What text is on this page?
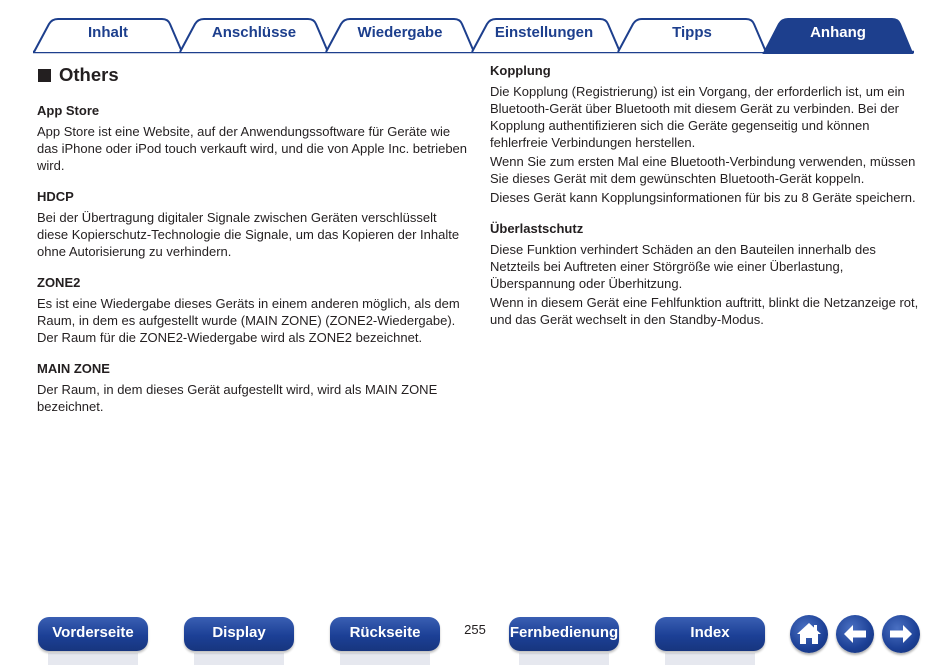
Inhalt	Anschlüsse	Wiedergabe	Einstellungen	Tipps	Anhang
Others
App Store

App Store ist eine Website, auf der Anwendungssoftware für Geräte wie das iPhone oder iPod touch verkauft wird, und die von Apple Inc. betrieben wird.

HDCP

Bei der Übertragung digitaler Signale zwischen Geräten verschlüsselt diese Kopierschutz-Technologie die Signale, um das Kopieren der Inhalte ohne Autorisierung zu verhindern.

ZONE2

Es ist eine Wiedergabe dieses Geräts in einem anderen möglich, als dem Raum, in dem es aufgestellt wurde (MAIN ZONE) (ZONE2-Wiedergabe). Der Raum für die ZONE2-Wiedergabe wird als ZONE2 bezeichnet.

MAIN ZONE

Der Raum, in dem dieses Gerät aufgestellt wird, wird als MAIN ZONE bezeichnet.

Kopplung

Die Kopplung (Registrierung) ist ein Vorgang, der erforderlich ist, um ein Bluetooth-Gerät über Bluetooth mit diesem Gerät zu verbinden. Bei der Kopplung authentifizieren sich die Geräte gegenseitig und können fehlerfreie Verbindungen herstellen.

Wenn Sie zum ersten Mal eine Bluetooth-Verbindung verwenden, müssen Sie dieses Gerät mit dem gewünschten Bluetooth-Gerät koppeln.

Dieses Gerät kann Kopplungsinformationen für bis zu 8 Geräte speichern.

Überlastschutz

Diese Funktion verhindert Schäden an den Bauteilen innerhalb des Netzteils bei Auftreten einer Störgröße wie einer Überlastung, Überspannung oder Überhitzung.

Wenn in diesem Gerät eine Fehlfunktion auftritt, blinkt die Netzanzeige rot, und das Gerät wechselt in den Standby-Modus.

Vorderseite	Display	Rückseite	255	Fernbedienung	Index
